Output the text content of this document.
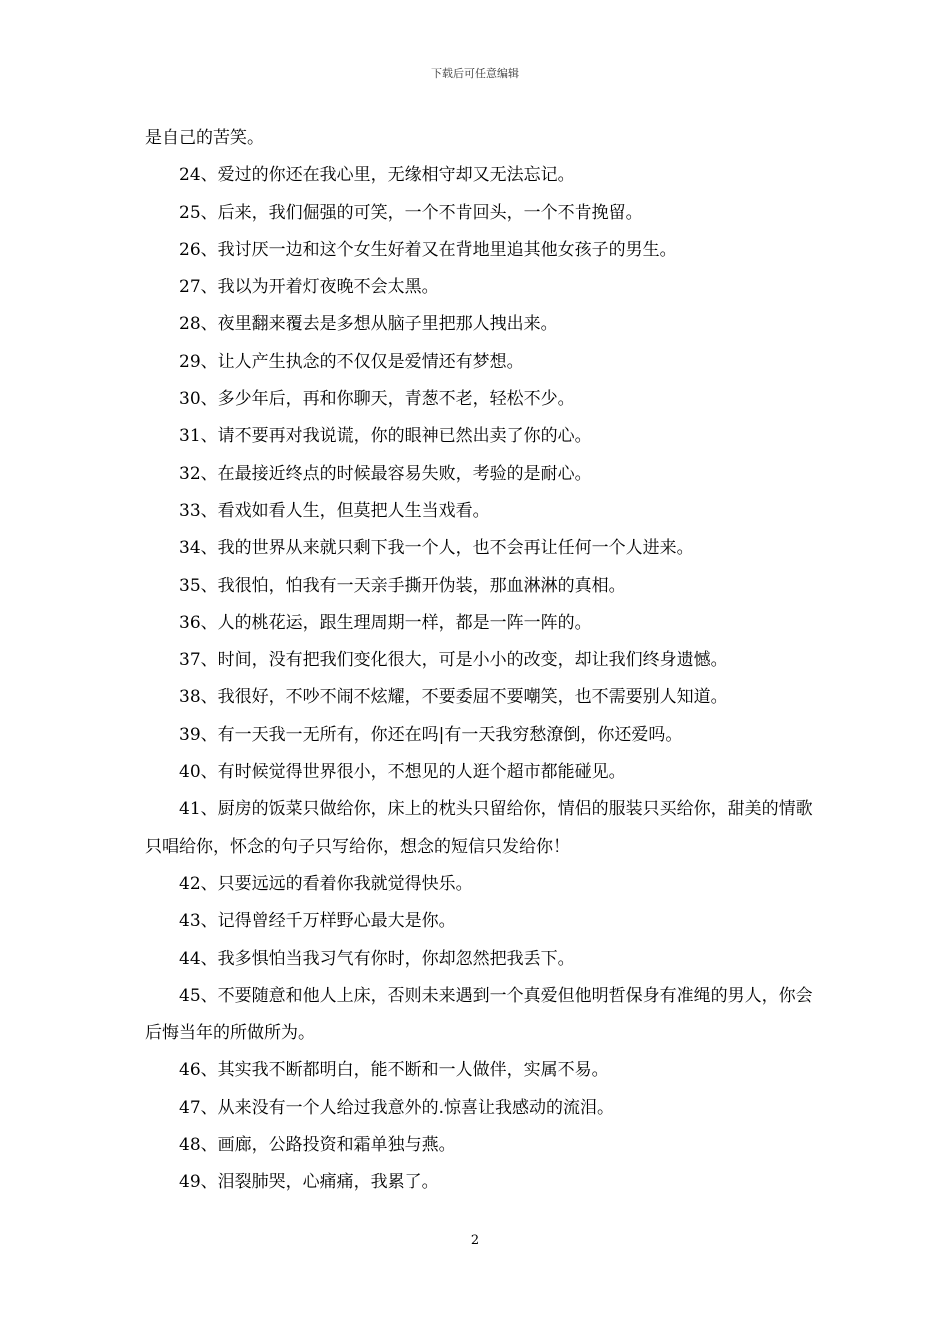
下载后可任意编辑

是自己的苦笑。

24、爱过的你还在我心里，无缘相守却又无法忘记。

25、后来，我们倔强的可笑，一个不肯回头，一个不肯挽留。

26、我讨厌一边和这个女生好着又在背地里追其他女孩子的男生。

27、我以为开着灯夜晚不会太黑。

28、夜里翻来覆去是多想从脑子里把那人拽出来。

29、让人产生执念的不仅仅是爱情还有梦想。

30、多少年后，再和你聊天，青葱不老，轻松不少。

31、请不要再对我说谎，你的眼神已然出卖了你的心。

32、在最接近终点的时候最容易失败，考验的是耐心。

33、看戏如看人生，但莫把人生当戏看。

34、我的世界从来就只剩下我一个人，也不会再让任何一个人进来。

35、我很怕，怕我有一天亲手撕开伪装，那血淋淋的真相。

36、人的桃花运，跟生理周期一样，都是一阵一阵的。

37、时间，没有把我们变化很大，可是小小的改变，却让我们终身遗憾。

38、我很好，不吵不闹不炫耀，不要委屈不要嘲笑，也不需要别人知道。

39、有一天我一无所有，你还在吗|有一天我穷愁潦倒，你还爱吗。

40、有时候觉得世界很小，不想见的人逛个超市都能碰见。

41、厨房的饭菜只做给你，床上的枕头只留给你，情侣的服装只买给你，甜美的情歌只唱给你，怀念的句子只写给你，想念的短信只发给你！

42、只要远远的看着你我就觉得快乐。

43、记得曾经千万样野心最大是你。

44、我多惧怕当我习气有你时，你却忽然把我丢下。

45、不要随意和他人上床，否则未来遇到一个真爱但他明哲保身有准绳的男人，你会后悔当年的所做所为。

46、其实我不断都明白，能不断和一人做伴，实属不易。

47、从来没有一个人给过我意外的.惊喜让我感动的流泪。

48、画廊，公路投资和霜单独与燕。

49、泪裂肺哭，心痛痛，我累了。

2
